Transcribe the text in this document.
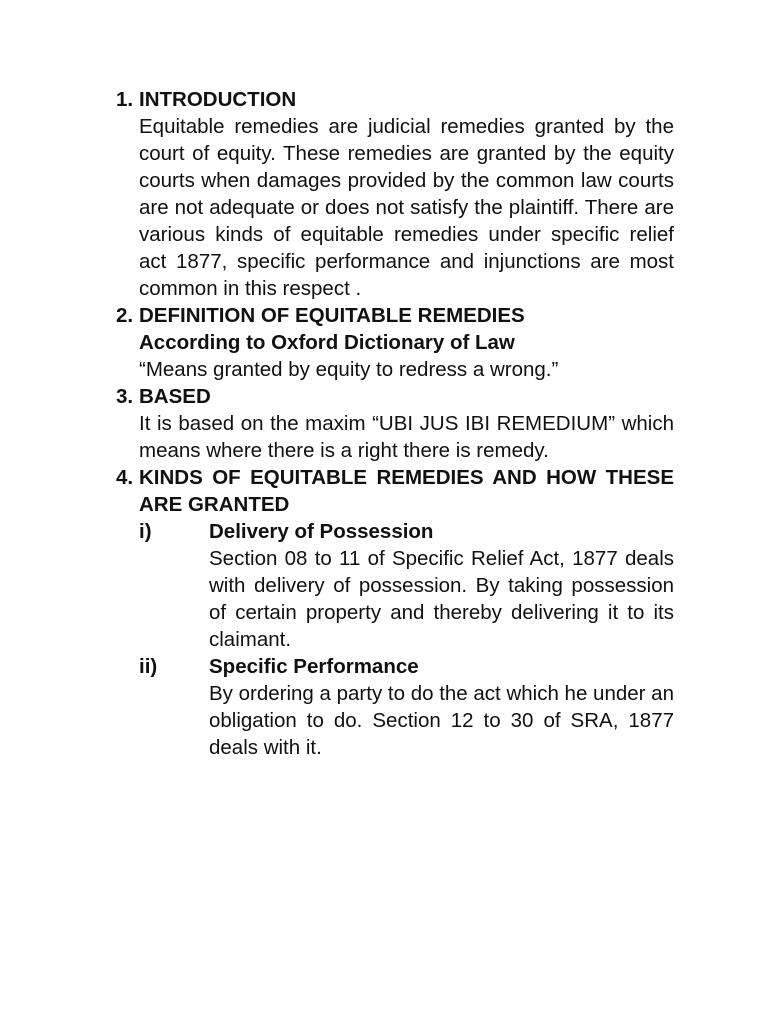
1. INTRODUCTION
Equitable remedies are judicial remedies granted by the court of equity. These remedies are granted by the equity courts when damages provided by the common law courts are not adequate or does not satisfy the plaintiff. There are various kinds of equitable remedies under specific relief act 1877, specific performance and injunctions are most common in this respect .
2. DEFINITION OF EQUITABLE REMEDIES
According to Oxford Dictionary of Law
“Means granted by equity to redress a wrong.”
3. BASED
It is based on the maxim “UBI JUS IBI REMEDIUM” which means where there is a right there is remedy.
4. KINDS OF EQUITABLE REMEDIES AND HOW THESE ARE GRANTED
i)	Delivery of Possession
Section 08 to 11 of Specific Relief Act, 1877 deals with delivery of possession. By taking possession of certain property and thereby delivering it to its claimant.
ii)	Specific Performance
By ordering a party to do the act which he under an obligation to do. Section 12 to 30 of SRA, 1877 deals with it.
